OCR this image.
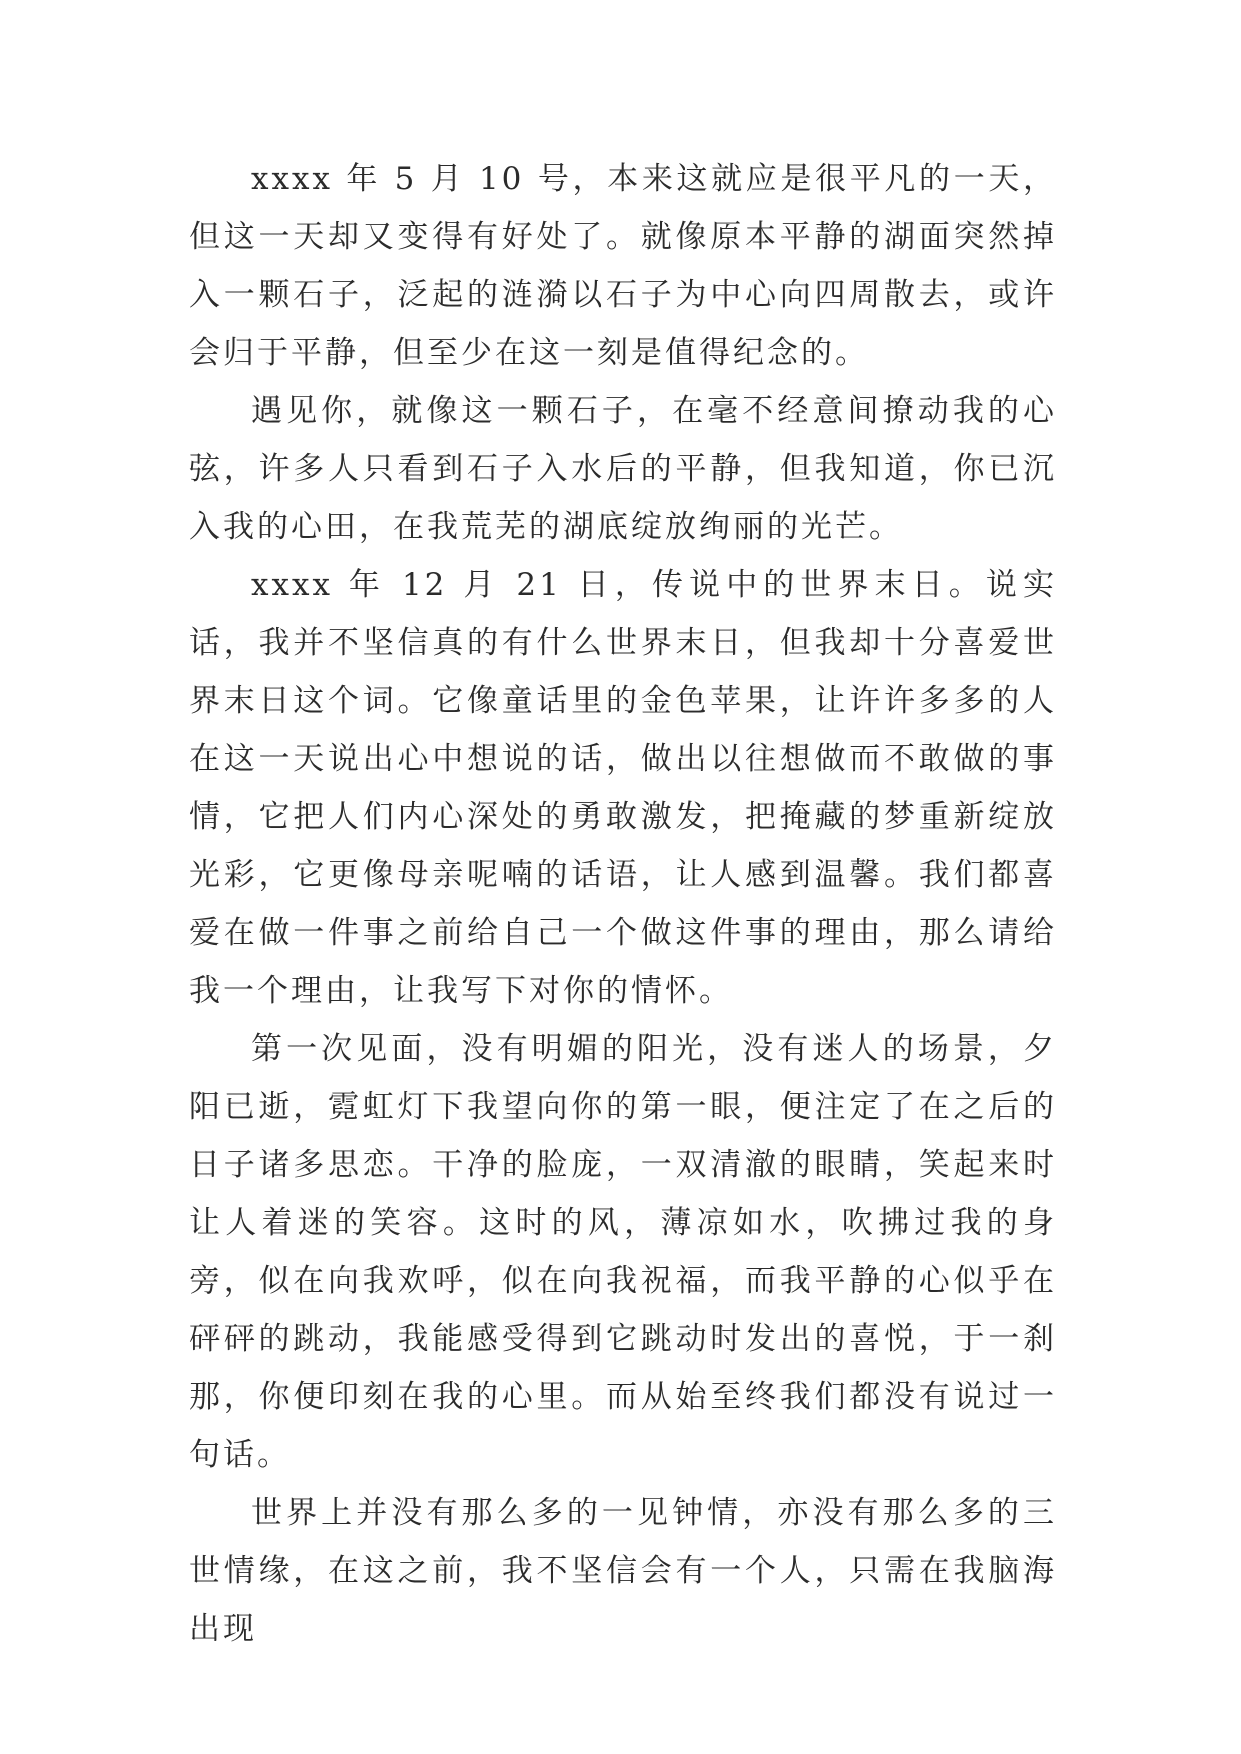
xxxx 年 5 月 10 号，本来这就应是很平凡的一天，但这一天却又变得有好处了。就像原本平静的湖面突然掉入一颗石子，泛起的涟漪以石子为中心向四周散去，或许会归于平静，但至少在这一刻是值得纪念的。

遇见你，就像这一颗石子，在毫不经意间撩动我的心弦，许多人只看到石子入水后的平静，但我知道，你已沉入我的心田，在我荒芜的湖底绽放绚丽的光芒。

xxxx 年 12 月 21 日，传说中的世界末日。说实话，我并不坚信真的有什么世界末日，但我却十分喜爱世界末日这个词。它像童话里的金色苹果，让许许多多的人在这一天说出心中想说的话，做出以往想做而不敢做的事情，它把人们内心深处的勇敢激发，把掩藏的梦重新绽放光彩，它更像母亲呢喃的话语，让人感到温馨。我们都喜爱在做一件事之前给自己一个做这件事的理由，那么请给我一个理由，让我写下对你的情怀。

第一次见面，没有明媚的阳光，没有迷人的场景，夕阳已逝，霓虹灯下我望向你的第一眼，便注定了在之后的日子诸多思恋。干净的脸庞，一双清澈的眼睛，笑起来时让人着迷的笑容。这时的风，薄凉如水，吹拂过我的身旁，似在向我欢呼，似在向我祝福，而我平静的心似乎在砰砰的跳动，我能感受得到它跳动时发出的喜悦，于一刹那，你便印刻在我的心里。而从始至终我们都没有说过一句话。

世界上并没有那么多的一见钟情，亦没有那么多的三世情缘，在这之前，我不坚信会有一个人，只需在我脑海出现
